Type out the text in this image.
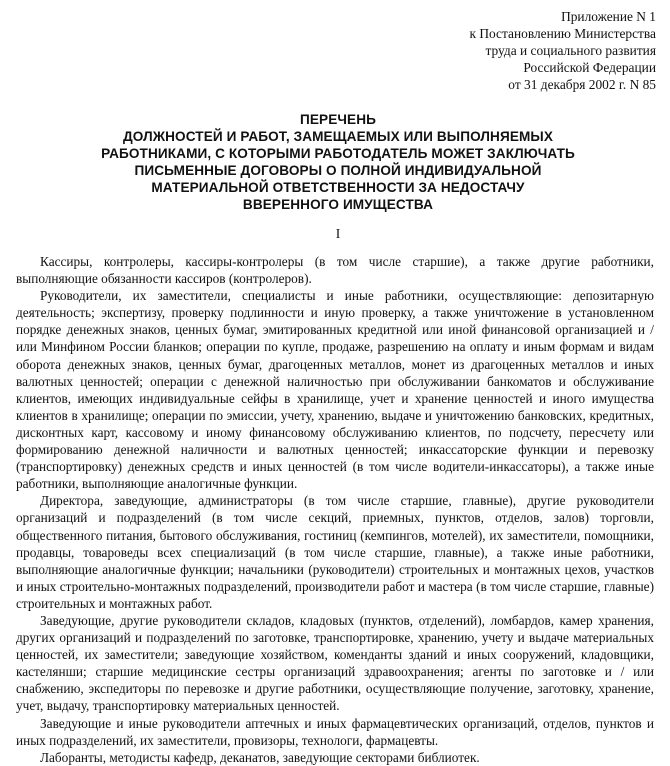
Приложение N 1
к Постановлению Министерства
труда и социального развития
Российской Федерации
от 31 декабря 2002 г. N 85
ПЕРЕЧЕНЬ
ДОЛЖНОСТЕЙ И РАБОТ, ЗАМЕЩАЕМЫХ ИЛИ ВЫПОЛНЯЕМЫХ
РАБОТНИКАМИ, С КОТОРЫМИ РАБОТОДАТЕЛЬ МОЖЕТ ЗАКЛЮЧАТЬ
ПИСЬМЕННЫЕ ДОГОВОРЫ О ПОЛНОЙ ИНДИВИДУАЛЬНОЙ
МАТЕРИАЛЬНОЙ ОТВЕТСТВЕННОСТИ ЗА НЕДОСТАЧУ
ВВЕРЕННОГО ИМУЩЕСТВА
I

Кассиры, контролеры, кассиры-контролеры (в том числе старшие), а также другие работники, выполняющие обязанности кассиров (контролеров).

Руководители, их заместители, специалисты и иные работники, осуществляющие: депозитарную деятельность; экспертизу, проверку подлинности и иную проверку, а также уничтожение в установленном порядке денежных знаков, ценных бумаг, эмитированных кредитной или иной финансовой организацией и / или Минфином России бланков; операции по купле, продаже, разрешению на оплату и иным формам и видам оборота денежных знаков, ценных бумаг, драгоценных металлов, монет из драгоценных металлов и иных валютных ценностей; операции с денежной наличностью при обслуживании банкоматов и обслуживание клиентов, имеющих индивидуальные сейфы в хранилище, учет и хранение ценностей и иного имущества клиентов в хранилище; операции по эмиссии, учету, хранению, выдаче и уничтожению банковских, кредитных, дисконтных карт, кассовому и иному финансовому обслуживанию клиентов, по подсчету, пересчету или формированию денежной наличности и валютных ценностей; инкассаторские функции и перевозку (транспортировку) денежных средств и иных ценностей (в том числе водители-инкассаторы), а также иные работники, выполняющие аналогичные функции.

Директора, заведующие, администраторы (в том числе старшие, главные), другие руководители организаций и подразделений (в том числе секций, приемных, пунктов, отделов, залов) торговли, общественного питания, бытового обслуживания, гостиниц (кемпингов, мотелей), их заместители, помощники, продавцы, товароведы всех специализаций (в том числе старшие, главные), а также иные работники, выполняющие аналогичные функции; начальники (руководители) строительных и монтажных цехов, участков и иных строительно-монтажных подразделений, производители работ и мастера (в том числе старшие, главные) строительных и монтажных работ.

Заведующие, другие руководители складов, кладовых (пунктов, отделений), ломбардов, камер хранения, других организаций и подразделений по заготовке, транспортировке, хранению, учету и выдаче материальных ценностей, их заместители; заведующие хозяйством, коменданты зданий и иных сооружений, кладовщики, кастелянши; старшие медицинские сестры организаций здравоохранения; агенты по заготовке и / или снабжению, экспедиторы по перевозке и другие работники, осуществляющие получение, заготовку, хранение, учет, выдачу, транспортировку материальных ценностей.

Заведующие и иные руководители аптечных и иных фармацевтических организаций, отделов, пунктов и иных подразделений, их заместители, провизоры, технологи, фармацевты.

Лаборанты, методисты кафедр, деканатов, заведующие секторами библиотек.
